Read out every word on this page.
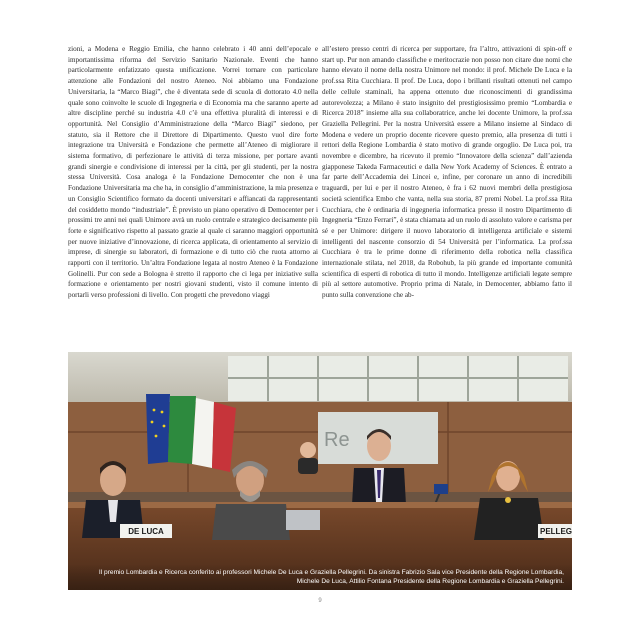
zioni, a Modena e Reggio Emilia, che hanno celebrato i 40 anni dell’epocale e importantissima riforma del Servizio Sanitario Nazionale. Eventi che hanno particolarmente enfatizzato questa unificazione. Vorrei tornare con particolare attenzione alle Fondazioni del nostro Ateneo. Noi abbiamo una Fondazione Universitaria, la “Marco Biagi”, che è diventata sede di scuola di dottorato 4.0 nella quale sono coinvolte le scuole di Ingegneria e di Economia ma che saranno aperte ad altre discipline perché su industria 4.0 c’è una effettiva pluralità di interessi e di opportunità. Nel Consiglio d’Amministrazione della “Marco Biagi” siedono, per statuto, sia il Rettore che il Direttore di Dipartimento. Questo vuol dire forte integrazione tra Università e Fondazione che permette all’Ateneo di migliorare il sistema formativo, di perfezionare le attività di terza missione, per portare avanti grandi sinergie e condivisione di interessi per la città, per gli studenti, per la nostra stessa Università. Cosa analoga è la Fondazione Democenter che non è una Fondazione Universitaria ma che ha, in consiglio d’amministrazione, la mia presenza e un Consiglio Scientifico formato da docenti universitari e affiancati da rappresentanti del cosiddetto mondo “industriale”. È previsto un piano operativo di Democenter per i prossimi tre anni nei quali Unimore avrà un ruolo centrale e strategico decisamente più forte e significativo rispetto al passato grazie al quale ci saranno maggiori opportunità per nuove iniziative d’innovazione, di ricerca applicata, di orientamento al servizio di imprese, di sinergie su laboratori, di formazione e di tutto ciò che ruota attorno ai rapporti con il territorio. Un’altra Fondazione legata al nostro Ateneo è la Fondazione Golinelli. Pur con sede a Bologna è stretto il rapporto che ci lega per iniziative sulla formazione e orientamento per nostri giovani studenti, visto il comune intento di portarli verso professioni di livello. Con progetti che prevedono viaggi

all’estero presso centri di ricerca per supportare, fra l’altro, attivazioni di spin-off e start up. Pur non amando classifiche e meritocrazie non posso non citare due nomi che hanno elevato il nome della nostra Unimore nel mondo: il prof. Michele De Luca e la prof.ssa Rita Cucchiara. Il prof. De Luca, dopo i brillanti risultati ottenuti nel campo delle cellule staminali, ha appena ottenuto due riconoscimenti di grandissima autorevolezza; a Milano è stato insignito del prestigiosissimo premio “Lombardia e Ricerca 2018” insieme alla sua collaboratrice, anche lei docente Unimore, la prof.ssa Graziella Pellegrini. Per la nostra Università essere a Milano insieme al Sindaco di Modena e vedere un proprio docente ricevere questo premio, alla presenza di tutti i rettori della Regione Lombardia è stato motivo di grande orgoglio. De Luca poi, tra novembre e dicembre, ha ricevuto il premio “Innovatore della scienza” dall’azienda giapponese Takeda Farmaceutici e dalla New York Academy of Sciences. È entrato a far parte dell’Accademia dei Lincei e, infine, per coronare un anno di incredibili traguardi, per lui e per il nostro Ateneo, è fra i 62 nuovi membri della prestigiosa società scientifica Embo che vanta, nella sua storia, 87 premi Nobel. La prof.ssa Rita Cucchiara, che è ordinaria di ingegneria informatica presso il nostro Dipartimento di Ingegneria “Enzo Ferrari”, è stata chiamata ad un ruolo di assoluto valore e carisma per sé e per Unimore: dirigere il nuovo laboratorio di intelligenza artificiale e sistemi intelligenti del nascente consorzio di 54 Università per l’informatica. La prof.ssa Cucchiara è tra le prime donne di riferimento della robotica nella classifica internazionale stilata, nel 2018, da Robohub, la più grande ed importante comunità scientifica di esperti di robotica di tutto il mondo. Intelligenze artificiali legate sempre più al settore automotive. Proprio prima di Natale, in Democenter, abbiamo fatto il punto sulla convenzione che ab-

Re
DE LUCA	PELLEG
Il premio Lombardia e Ricerca conferito ai professori Michele De Luca e Graziella Pellegrini. Da sinistra Fabrizio Sala vice Presidente della Regione Lombardia, Michele De Luca, Attilio Fontana Presidente della Regione Lombardia e Graziella Pellegrini.
9
